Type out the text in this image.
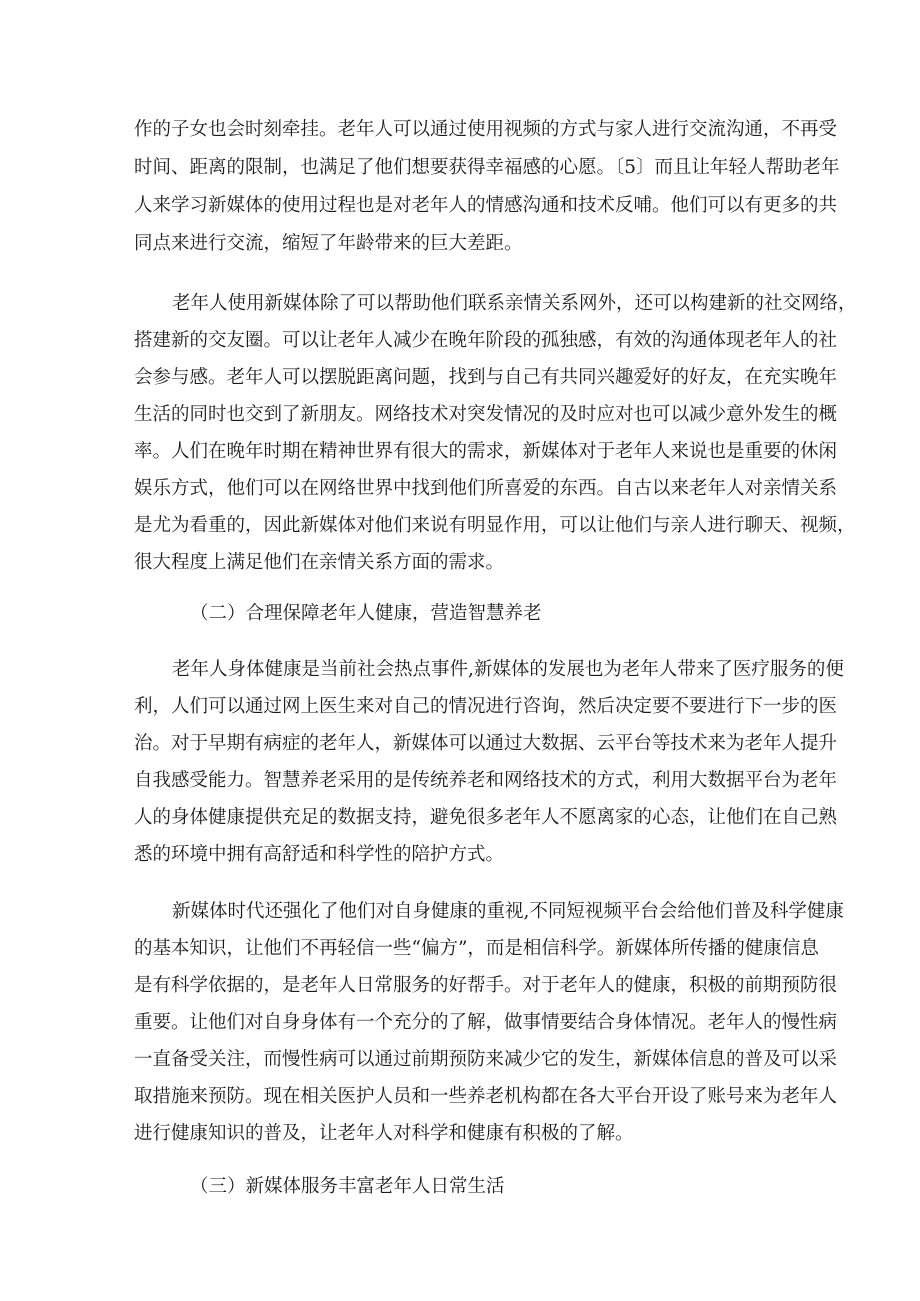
作的子女也会时刻牵挂。老年人可以通过使用视频的方式与家人进行交流沟通，不再受
时间、距离的限制，也满足了他们想要获得幸福感的心愿。〔5〕而且让年轻人帮助老年
人来学习新媒体的使用过程也是对老年人的情感沟通和技术反哺。他们可以有更多的共
同点来进行交流，缩短了年龄带来的巨大差距。
老年人使用新媒体除了可以帮助他们联系亲情关系网外，还可以构建新的社交网络，
搭建新的交友圈。可以让老年人减少在晚年阶段的孤独感，有效的沟通体现老年人的社
会参与感。老年人可以摆脱距离问题，找到与自己有共同兴趣爱好的好友，在充实晚年
生活的同时也交到了新朋友。网络技术对突发情况的及时应对也可以减少意外发生的概
率。人们在晚年时期在精神世界有很大的需求，新媒体对于老年人来说也是重要的休闲
娱乐方式，他们可以在网络世界中找到他们所喜爱的东西。自古以来老年人对亲情关系
是尤为看重的，因此新媒体对他们来说有明显作用，可以让他们与亲人进行聊天、视频，
很大程度上满足他们在亲情关系方面的需求。
（二）合理保障老年人健康，营造智慧养老
老年人身体健康是当前社会热点事件,新媒体的发展也为老年人带来了医疗服务的便
利，人们可以通过网上医生来对自己的情况进行咨询，然后决定要不要进行下一步的医
治。对于早期有病症的老年人，新媒体可以通过大数据、云平台等技术来为老年人提升
自我感受能力。智慧养老采用的是传统养老和网络技术的方式，利用大数据平台为老年
人的身体健康提供充足的数据支持，避免很多老年人不愿离家的心态，让他们在自己熟
悉的环境中拥有高舒适和科学性的陪护方式。
新媒体时代还强化了他们对自身健康的重视,不同短视频平台会给他们普及科学健康
的基本知识，让他们不再轻信一些“偏方”，而是相信科学。新媒体所传播的健康信息
是有科学依据的，是老年人日常服务的好帮手。对于老年人的健康，积极的前期预防很
重要。让他们对自身身体有一个充分的了解，做事情要结合身体情况。老年人的慢性病
一直备受关注，而慢性病可以通过前期预防来减少它的发生，新媒体信息的普及可以采
取措施来预防。现在相关医护人员和一些养老机构都在各大平台开设了账号来为老年人
进行健康知识的普及，让老年人对科学和健康有积极的了解。
（三）新媒体服务丰富老年人日常生活
